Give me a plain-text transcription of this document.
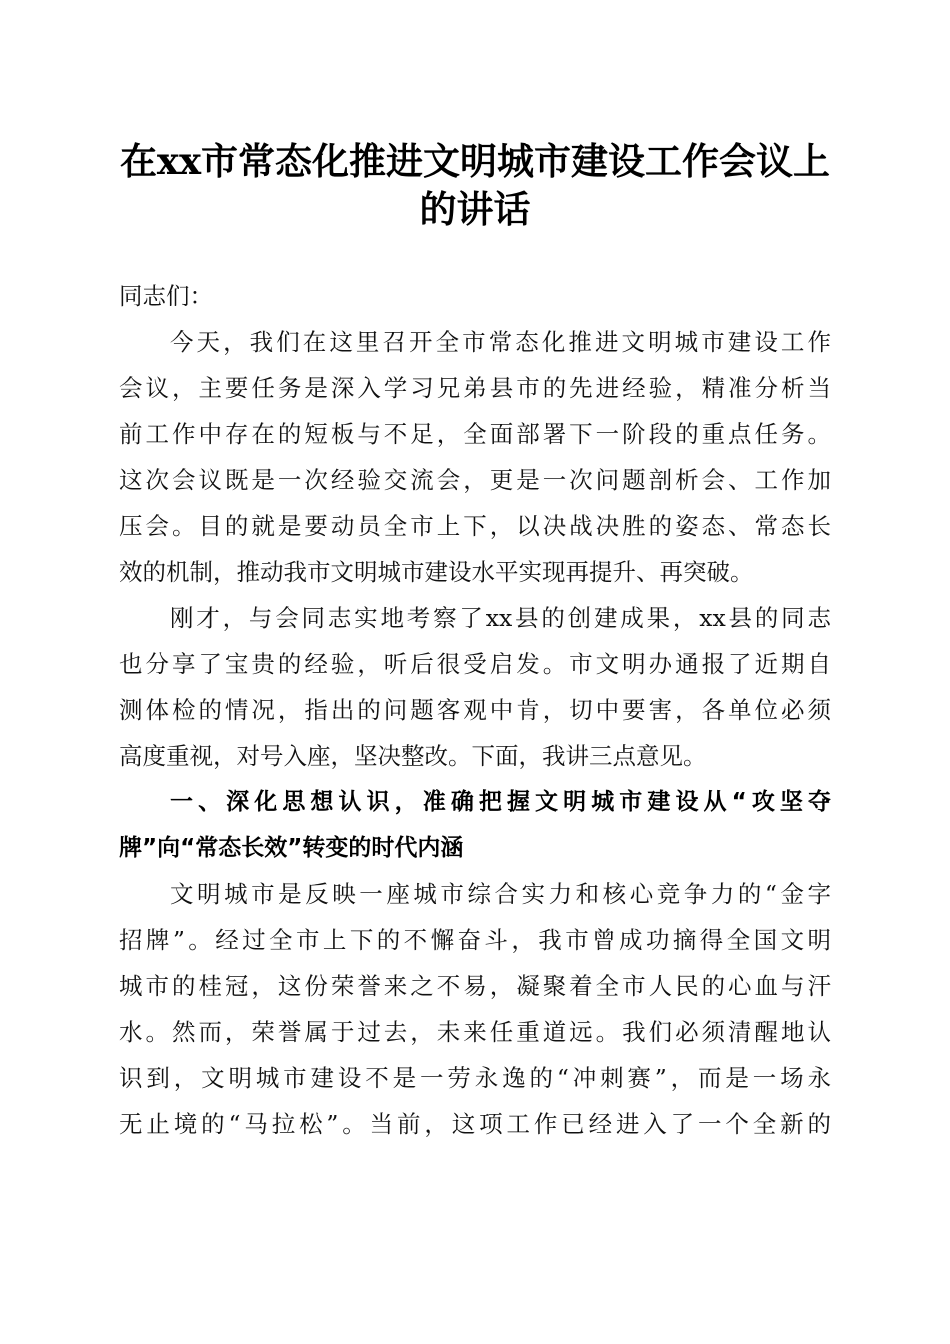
在xx市常态化推进文明城市建设工作会议上
的讲话

同志们：

今天，我们在这里召开全市常态化推进文明城市建设工作

会议，主要任务是深入学习兄弟县市的先进经验，精准分析当

前工作中存在的短板与不足，全面部署下一阶段的重点任务。

这次会议既是一次经验交流会，更是一次问题剖析会、工作加

压会。目的就是要动员全市上下，以决战决胜的姿态、常态长

效的机制，推动我市文明城市建设水平实现再提升、再突破。

刚才，与会同志实地考察了xx县的创建成果，xx县的同志

也分享了宝贵的经验，听后很受启发。市文明办通报了近期自

测体检的情况，指出的问题客观中肯，切中要害，各单位必须

高度重视，对号入座，坚决整改。下面，我讲三点意见。

一、深化思想认识，准确把握文明城市建设从“攻坚夺

牌”向“常态长效”转变的时代内涵

文明城市是反映一座城市综合实力和核心竞争力的“金字

招牌”。经过全市上下的不懈奋斗，我市曾成功摘得全国文明

城市的桂冠，这份荣誉来之不易，凝聚着全市人民的心血与汗

水。然而，荣誉属于过去，未来任重道远。我们必须清醒地认

识到，文明城市建设不是一劳永逸的“冲刺赛”，而是一场永

无止境的“马拉松”。当前，这项工作已经进入了一个全新的
